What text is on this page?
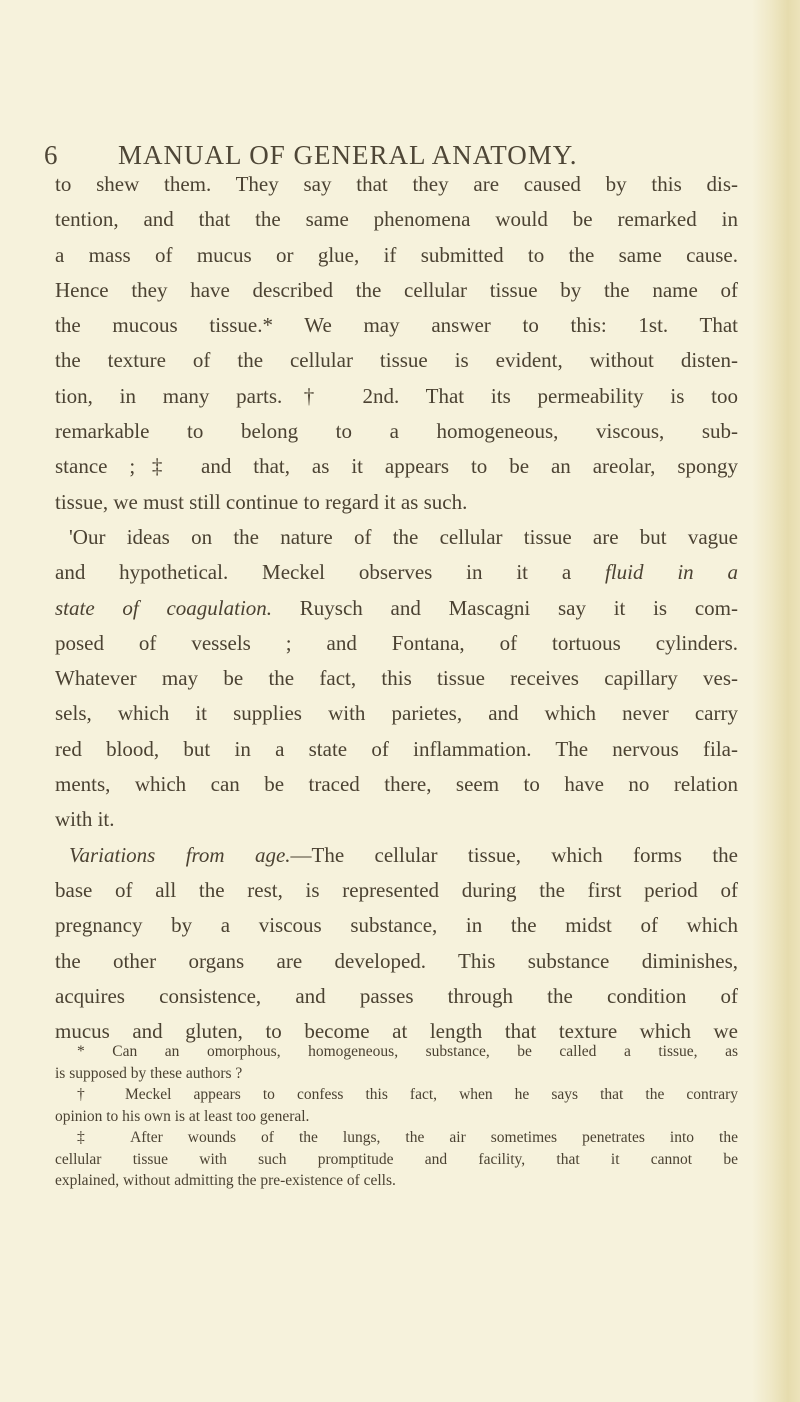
6 MANUAL OF GENERAL ANATOMY.
to shew them. They say that they are caused by this dis-
tention, and that the same phenomena would be remarked in
a mass of mucus or glue, if submitted to the same cause.
Hence they have described the cellular tissue by the name of
the mucous tissue.* We may answer to this: 1st. That
the texture of the cellular tissue is evident, without disten-
tion, in many parts.† 2nd. That its permeability is too
remarkable to belong to a homogeneous, viscous, sub-
stance ;‡ and that, as it appears to be an areolar, spongy
tissue, we must still continue to regard it as such.
'Our ideas on the nature of the cellular tissue are but vague
and hypothetical. Meckel observes in it a fluid in a
state of coagulation. Ruysch and Mascagni say it is com-
posed of vessels ; and Fontana, of tortuous cylinders.
Whatever may be the fact, this tissue receives capillary ves-
sels, which it supplies with parietes, and which never carry
red blood, but in a state of inflammation. The nervous fila-
ments, which can be traced there, seem to have no relation
with it.
Variations from age.—The cellular tissue, which forms the
base of all the rest, is represented during the first period of
pregnancy by a viscous substance, in the midst of which
the other organs are developed. This substance diminishes,
acquires consistence, and passes through the condition of
mucus and gluten, to become at length that texture which we
* Can an omorphous, homogeneous, substance, be called a tissue, as
is supposed by these authors ?
† Meckel appears to confess this fact, when he says that the contrary
opinion to his own is at least too general.
‡ After wounds of the lungs, the air sometimes penetrates into the
cellular tissue with such promptitude and facility, that it cannot be
explained, without admitting the pre-existence of cells.
